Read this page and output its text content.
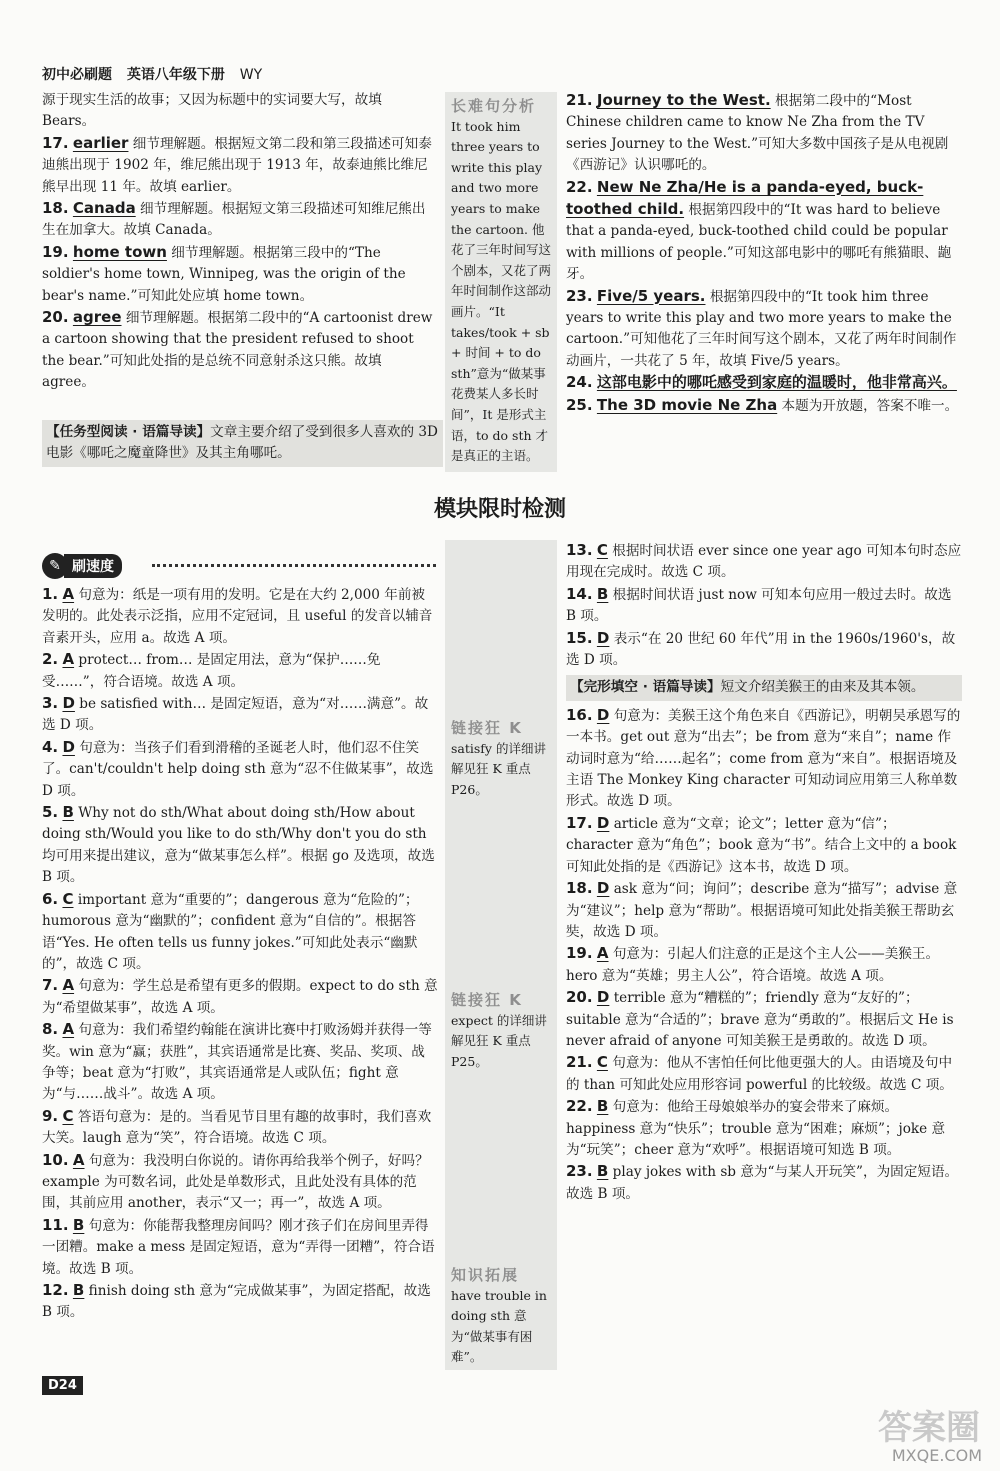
初中必刷题 英语八年级下册 WY

源于现实生活的故事；又因为标题中的实词要大写，故填 Bears。

17. earlier 细节理解题。根据短文第二段和第三段描述可知泰迪熊出现于 1902 年，维尼熊出现于 1913 年，故泰迪熊比维尼熊早出现 11 年。故填 earlier。

18. Canada 细节理解题。根据短文第三段描述可知维尼熊出生在加拿大。故填 Canada。

19. home town 细节理解题。根据第三段中的“The soldier's home town, Winnipeg, was the origin of the bear's name.”可知此处应填 home town。

20. agree 细节理解题。根据第二段中的“A cartoonist drew a cartoon showing that the president refused to shoot the bear.”可知此处指的是总统不同意射杀这只熊。故填 agree。

【任务型阅读 · 语篇导读】文章主要介绍了受到很多人喜欢的 3D 电影《哪吒之魔童降世》及其主角哪吒。
长难句分析
It took him three years to write this play and two more years to make the cartoon. 他花了三年时间写这个剧本，又花了两年时间制作这部动画片。“It takes/took + sb + 时间 + to do sth”意为“做某事花费某人多长时间”，It 是形式主语，to do sth 才是真正的主语。

21. Journey to the West. 根据第二段中的“Most Chinese children came to know Ne Zha from the TV series Journey to the West.”可知大多数中国孩子是从电视剧《西游记》认识哪吒的。

22. New Ne Zha/He is a panda-eyed, buck-toothed child. 根据第四段中的“It was hard to believe that a panda-eyed, buck-toothed child could be popular with millions of people.”可知这部电影中的哪吒有熊猫眼、龅牙。

23. Five/5 years. 根据第四段中的“It took him three years to write this play and two more years to make the cartoon.”可知他花了三年时间写这个剧本，又花了两年时间制作动画片，一共花了 5 年，故填 Five/5 years。

24. 这部电影中的哪吒感受到家庭的温暖时，他非常高兴。

25. The 3D movie Ne Zha 本题为开放题，答案不唯一。

模块限时检测
✎ 刷速度

1. A 句意为：纸是一项有用的发明。它是在大约 2,000 年前被发明的。此处表示泛指，应用不定冠词，且 useful 的发音以辅音音素开头，应用 a。故选 A 项。

2. A protect… from… 是固定用法，意为“保护……免受……”，符合语境。故选 A 项。

3. D be satisfied with… 是固定短语，意为“对……满意”。故选 D 项。

4. D 句意为：当孩子们看到滑稽的圣诞老人时，他们忍不住笑了。can't/couldn't help doing sth 意为“忍不住做某事”，故选 D 项。

5. B Why not do sth/What about doing sth/How about doing sth/Would you like to do sth/Why don't you do sth 均可用来提出建议，意为“做某事怎么样”。根据 go 及选项，故选 B 项。

6. C important 意为“重要的”；dangerous 意为“危险的”；humorous 意为“幽默的”；confident 意为“自信的”。根据答语“Yes. He often tells us funny jokes.”可知此处表示“幽默的”，故选 C 项。

7. A 句意为：学生总是希望有更多的假期。expect to do sth 意为“希望做某事”，故选 A 项。

8. A 句意为：我们希望约翰能在演讲比赛中打败汤姆并获得一等奖。win 意为“赢；获胜”，其宾语通常是比赛、奖品、奖项、战争等；beat 意为“打败”，其宾语通常是人或队伍；fight 意为“与……战斗”。故选 A 项。

9. C 答语句意为：是的。当看见节目里有趣的故事时，我们喜欢大笑。laugh 意为“笑”，符合语境。故选 C 项。

10. A 句意为：我没明白你说的。请你再给我举个例子，好吗？example 为可数名词，此处是单数形式，且此处没有具体的范围，其前应用 another，表示“又一；再一”，故选 A 项。

11. B 句意为：你能帮我整理房间吗？刚才孩子们在房间里弄得一团糟。make a mess 是固定短语，意为“弄得一团糟”，符合语境。故选 B 项。

12. B finish doing sth 意为“完成做某事”，为固定搭配，故选 B 项。

链接狂 K
satisfy 的详细讲解见狂 K 重点 P26。
链接狂 K
expect 的详细讲解见狂 K 重点 P25。
知识拓展
have trouble in doing sth 意为“做某事有困难”。

13. C 根据时间状语 ever since one year ago 可知本句时态应用现在完成时。故选 C 项。

14. B 根据时间状语 just now 可知本句应用一般过去时。故选 B 项。

15. D 表示“在 20 世纪 60 年代”用 in the 1960s/1960's，故选 D 项。

【完形填空 · 语篇导读】短文介绍美猴王的由来及其本领。

16. D 句意为：美猴王这个角色来自《西游记》，明朝吴承恩写的一本书。get out 意为“出去”；be from 意为“来自”；name 作动词时意为“给……起名”；come from 意为“来自”。根据语境及主语 The Monkey King character 可知动词应用第三人称单数形式。故选 D 项。

17. D article 意为“文章；论文”；letter 意为“信”；character 意为“角色”；book 意为“书”。结合上文中的 a book 可知此处指的是《西游记》这本书，故选 D 项。

18. D ask 意为“问；询问”；describe 意为“描写”；advise 意为“建议”；help 意为“帮助”。根据语境可知此处指美猴王帮助玄奘，故选 D 项。

19. A 句意为：引起人们注意的正是这个主人公——美猴王。hero 意为“英雄；男主人公”，符合语境。故选 A 项。

20. D terrible 意为“糟糕的”；friendly 意为“友好的”；suitable 意为“合适的”；brave 意为“勇敢的”。根据后文 He is never afraid of anyone 可知美猴王是勇敢的。故选 D 项。

21. C 句意为：他从不害怕任何比他更强大的人。由语境及句中的 than 可知此处应用形容词 powerful 的比较级。故选 C 项。

22. B 句意为：他给王母娘娘举办的宴会带来了麻烦。happiness 意为“快乐”；trouble 意为“困难；麻烦”；joke 意为“玩笑”；cheer 意为“欢呼”。根据语境可知选 B 项。

23. B play jokes with sb 意为“与某人开玩笑”，为固定短语。故选 B 项。

D24
答案圈
MXQE.COM
